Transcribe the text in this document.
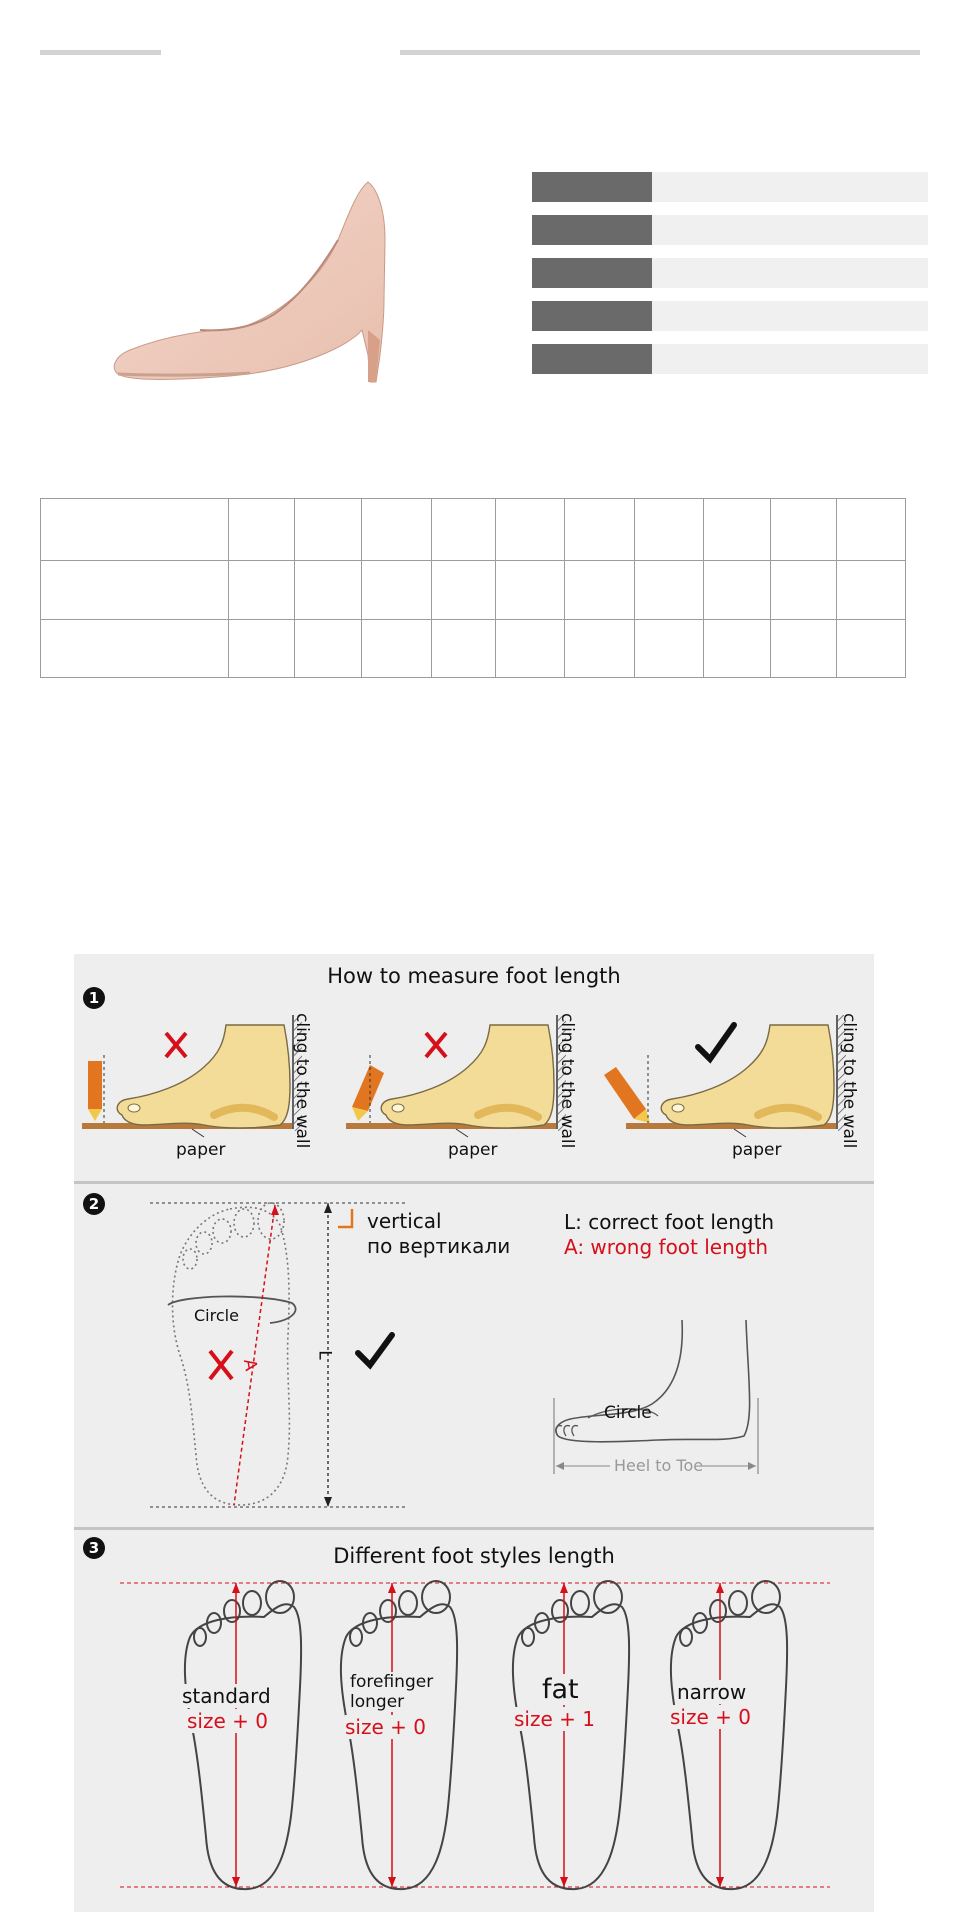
How to measure foot length
1
paper	paper	paper
cling to the wall	cling to the wall	cling to the wall
2
Circle
A
L
vertical
по вертикали
L: correct foot length
A: wrong foot length
Circle
Heel to Toe
3	Different foot styles length
standard
size + 0
forefinger
longer
size + 0
fat
size + 1
narrow
size + 0
